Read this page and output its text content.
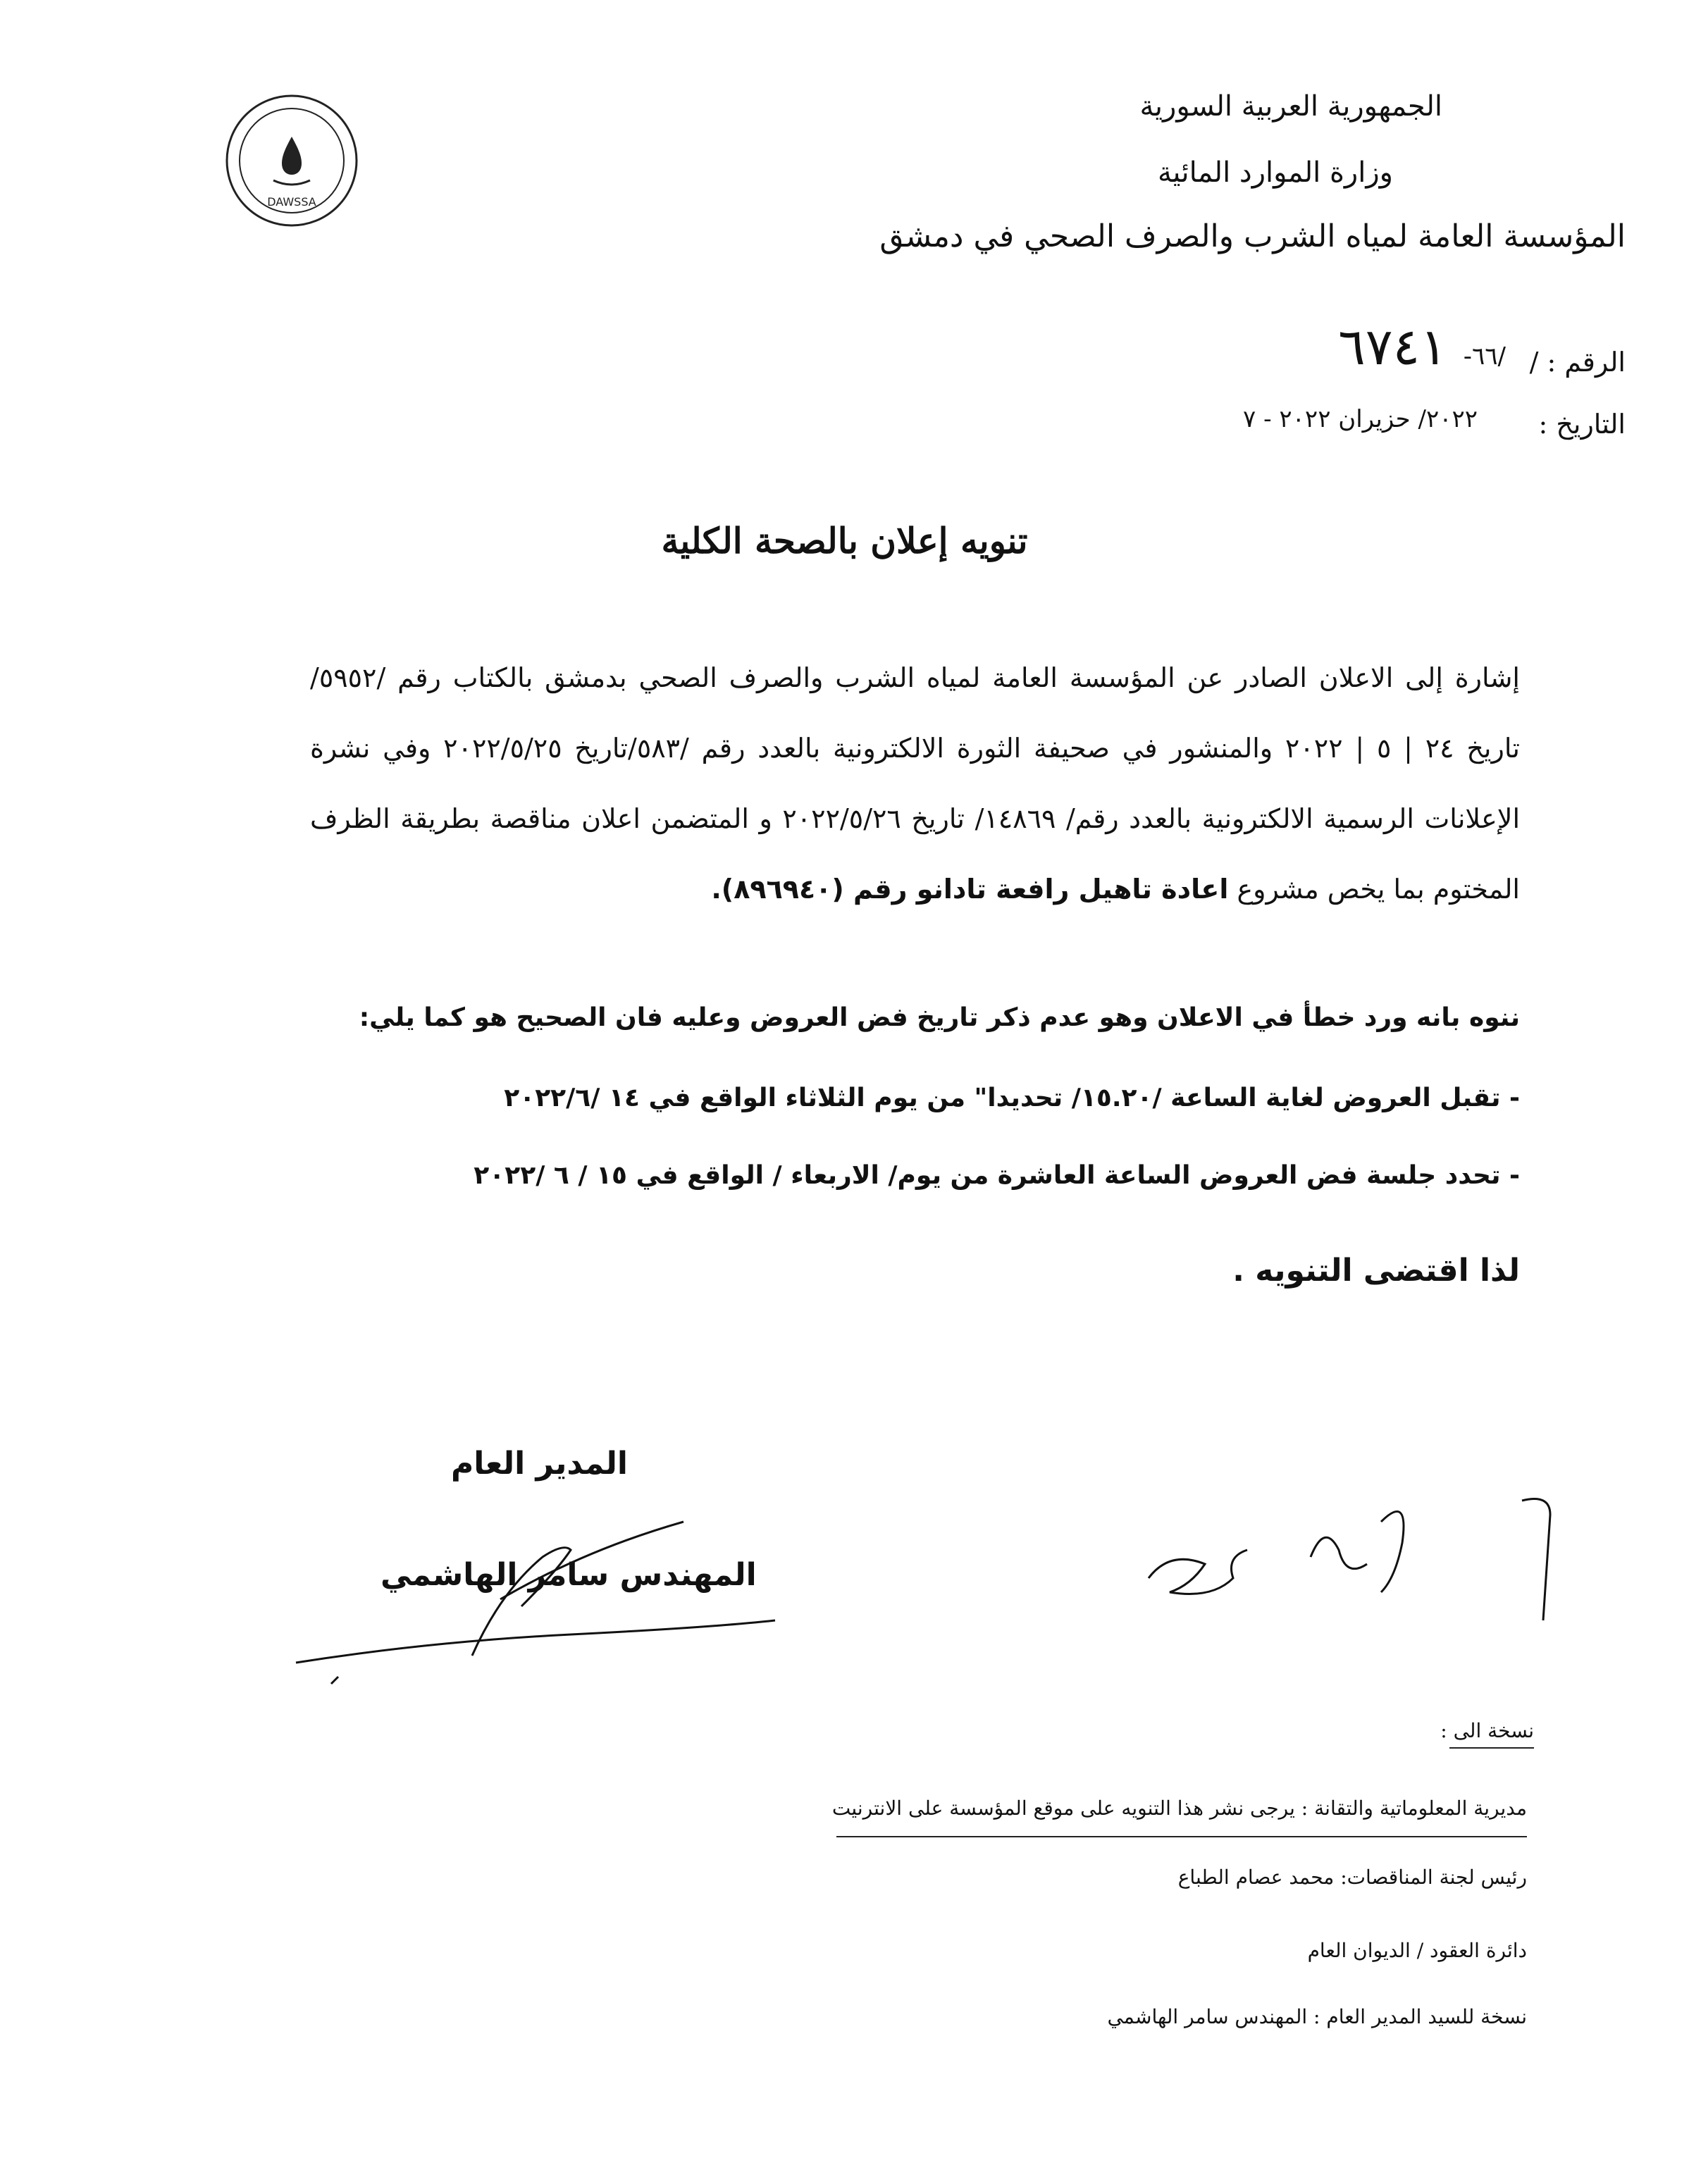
الجمهورية العربية السورية
وزارة الموارد المائية
المؤسسة العامة لمياه الشرب والصرف الصحي في دمشق
DAWSSA
الرقم : /
/٦٦- ٦٧٤١
التاريخ :
٢٠٢٢/ حزيران ٢٠٢٢ - ٧
تنويه إعلان بالصحة الكلية
إشارة إلى الاعلان الصادر عن المؤسسة العامة لمياه الشرب والصرف الصحي بدمشق بالكتاب رقم /٥٩٥٢/ تاريخ ٢٤ | ٥ | ٢٠٢٢ والمنشور في صحيفة الثورة الالكترونية بالعدد رقم /٥٨٣/تاريخ ٢٠٢٢/٥/٢٥ وفي نشرة الإعلانات الرسمية الالكترونية بالعدد رقم/ ١٤٨٦٩/ تاريخ ٢٠٢٢/٥/٢٦ و المتضمن اعلان مناقصة بطريقة الظرف المختوم بما يخص مشروع اعادة تاهيل رافعة تادانو رقم (٨٩٦٩٤٠).
ننوه بانه ورد خطأ في الاعلان وهو عدم ذكر تاريخ فض العروض وعليه فان الصحيح هو كما يلي:
- تقبل العروض لغاية الساعة /١٥.٢٠/ تحديدا" من يوم الثلاثاء الواقع في ١٤ /٢٠٢٢/٦
- تحدد جلسة فض العروض الساعة العاشرة من يوم/ الاربعاء / الواقع في ١٥ / ٦ /٢٠٢٢
لذا اقتضى التنويه .
المدير العام
المهندس سامر الهاشمي
نسخة الى :
مديرية المعلوماتية والتقانة : يرجى نشر هذا التنويه على موقع المؤسسة على الانترنيت
رئيس لجنة المناقصات: محمد عصام الطباع
دائرة العقود / الديوان العام
نسخة للسيد المدير العام : المهندس سامر الهاشمي
